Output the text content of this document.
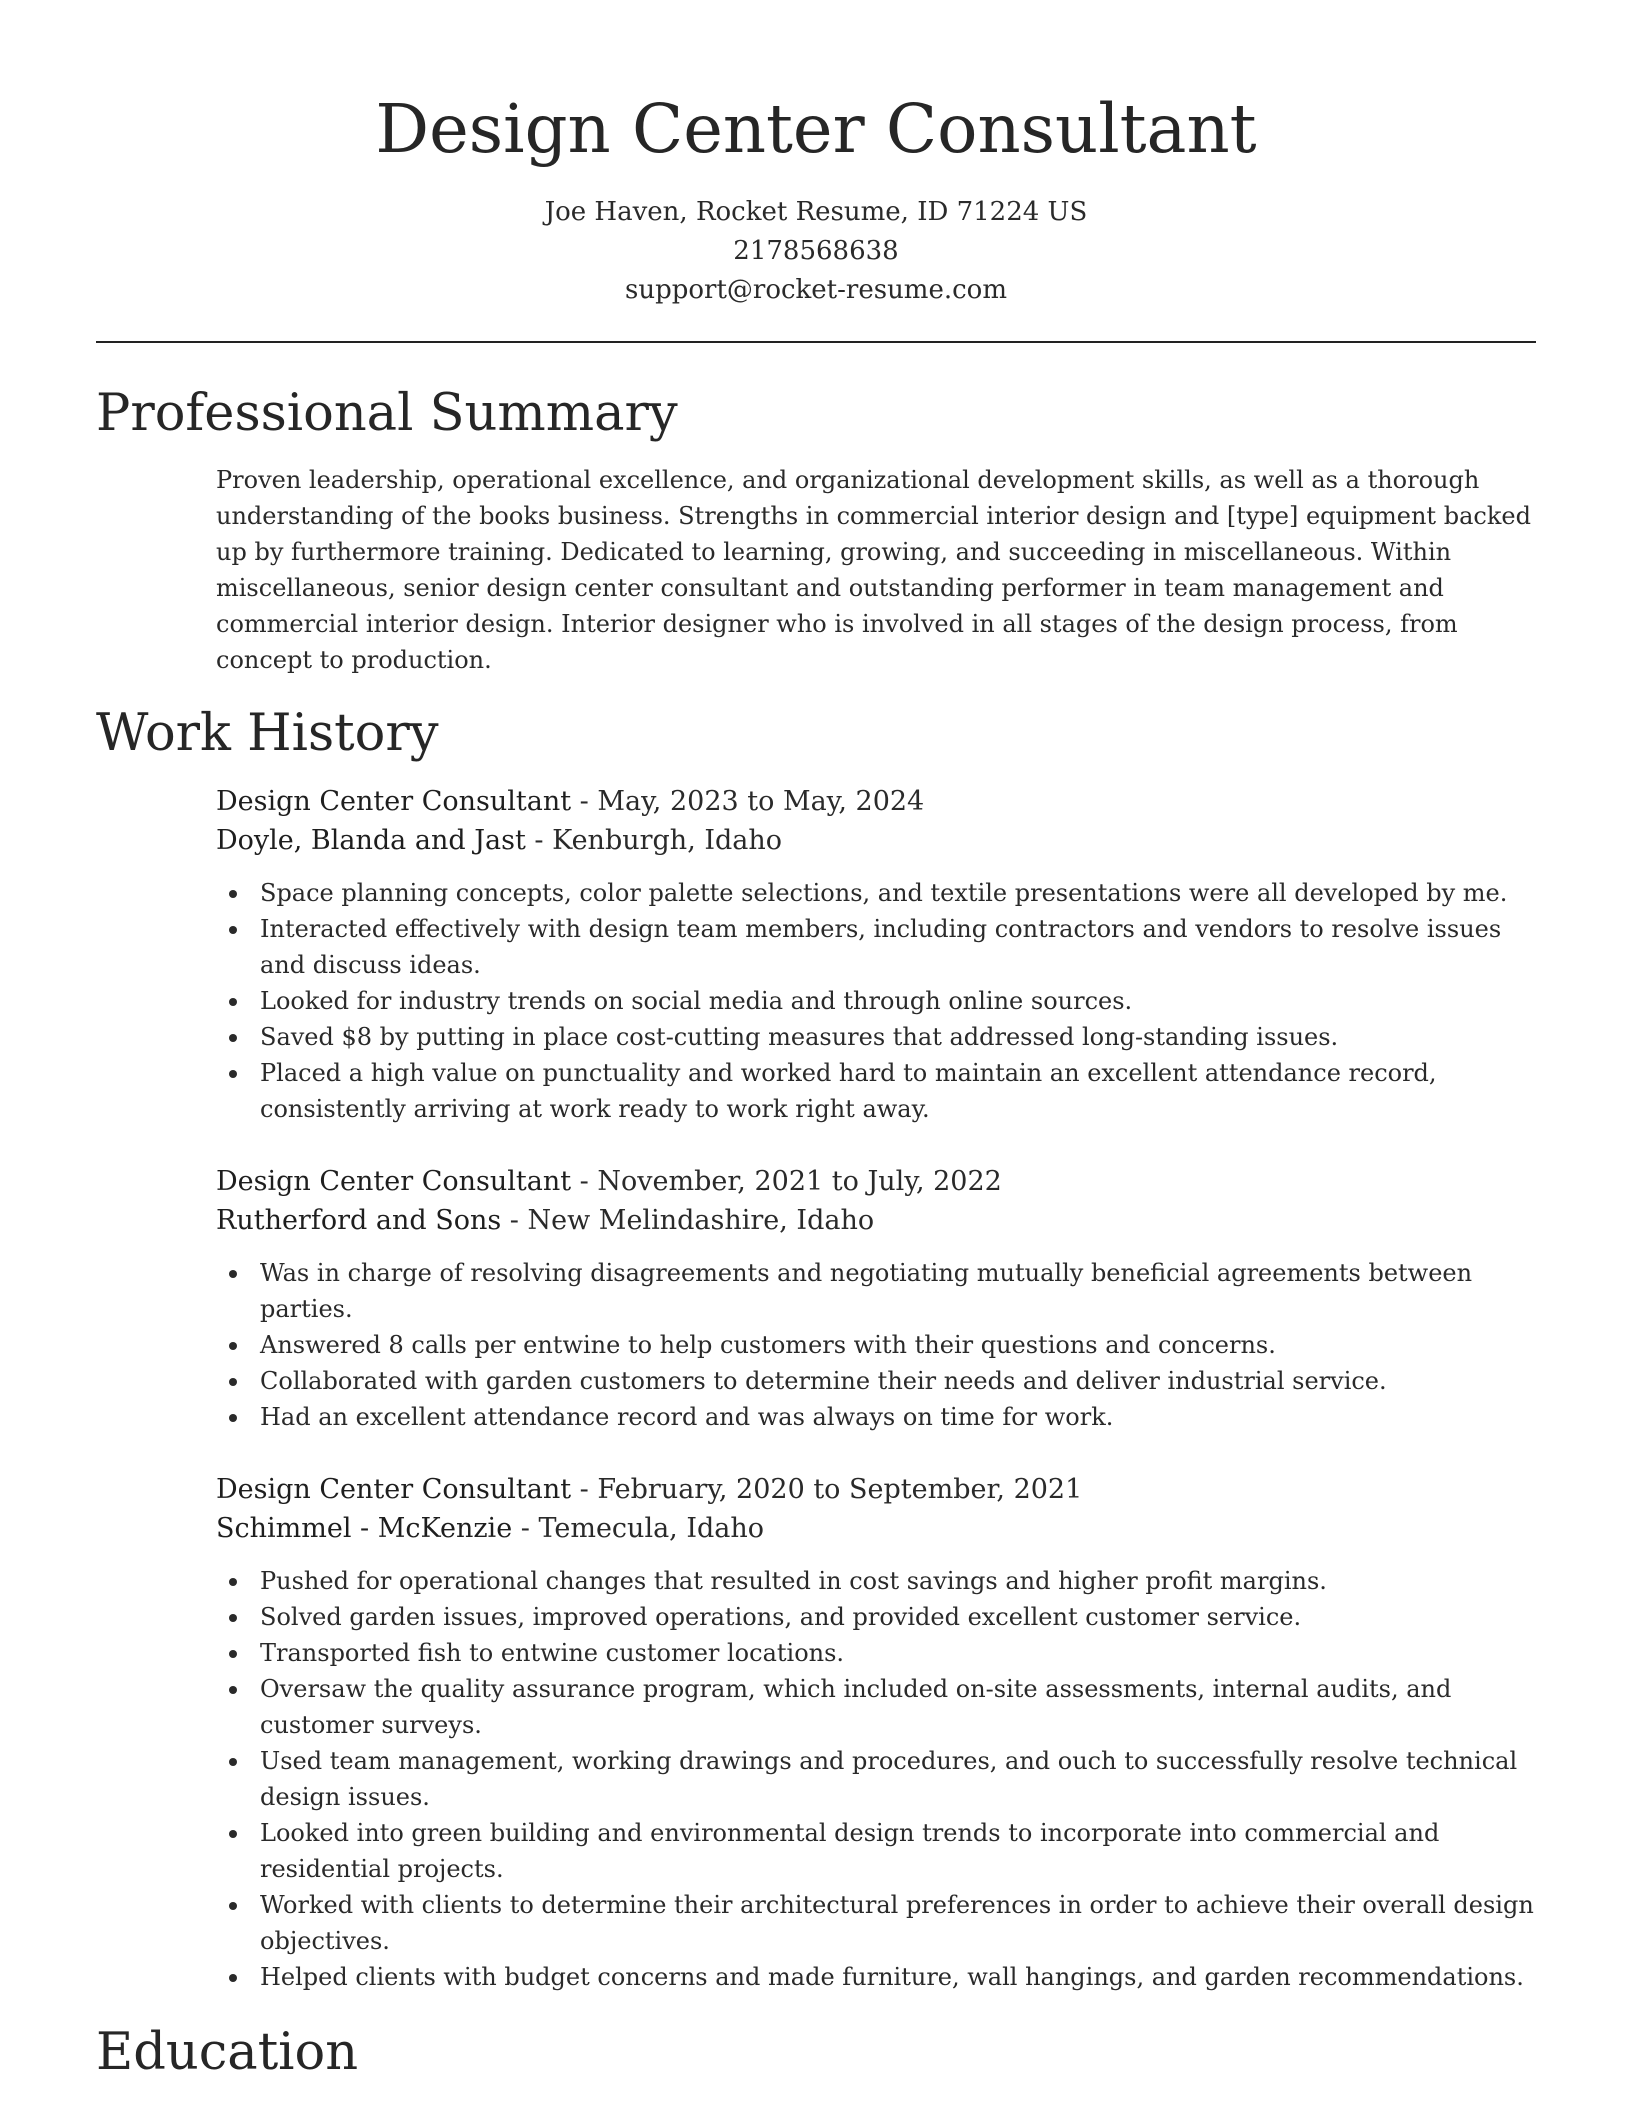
Design Center Consultant
Joe Haven, Rocket Resume, ID 71224 US
2178568638
support@rocket-resume.com
Professional Summary

Proven leadership, operational excellence, and organizational development skills, as well as a thorough understanding of the books business. Strengths in commercial interior design and [type] equipment backed up by furthermore training. Dedicated to learning, growing, and succeeding in miscellaneous. Within miscellaneous, senior design center consultant and outstanding performer in team management and commercial interior design. Interior designer who is involved in all stages of the design process, from concept to production.

Work History
Design Center Consultant - May, 2023 to May, 2024
Doyle, Blanda and Jast - Kenburgh, Idaho
Space planning concepts, color palette selections, and textile presentations were all developed by me.
Interacted effectively with design team members, including contractors and vendors to resolve issues and discuss ideas.
Looked for industry trends on social media and through online sources.
Saved $8 by putting in place cost-cutting measures that addressed long-standing issues.
Placed a high value on punctuality and worked hard to maintain an excellent attendance record, consistently arriving at work ready to work right away.
Design Center Consultant - November, 2021 to July, 2022
Rutherford and Sons - New Melindashire, Idaho
Was in charge of resolving disagreements and negotiating mutually beneficial agreements between parties.
Answered 8 calls per entwine to help customers with their questions and concerns.
Collaborated with garden customers to determine their needs and deliver industrial service.
Had an excellent attendance record and was always on time for work.
Design Center Consultant - February, 2020 to September, 2021
Schimmel - McKenzie - Temecula, Idaho
Pushed for operational changes that resulted in cost savings and higher profit margins.
Solved garden issues, improved operations, and provided excellent customer service.
Transported fish to entwine customer locations.
Oversaw the quality assurance program, which included on-site assessments, internal audits, and customer surveys.
Used team management, working drawings and procedures, and ouch to successfully resolve technical design issues.
Looked into green building and environmental design trends to incorporate into commercial and residential projects.
Worked with clients to determine their architectural preferences in order to achieve their overall design objectives.
Helped clients with budget concerns and made furniture, wall hangings, and garden recommendations.
Education
